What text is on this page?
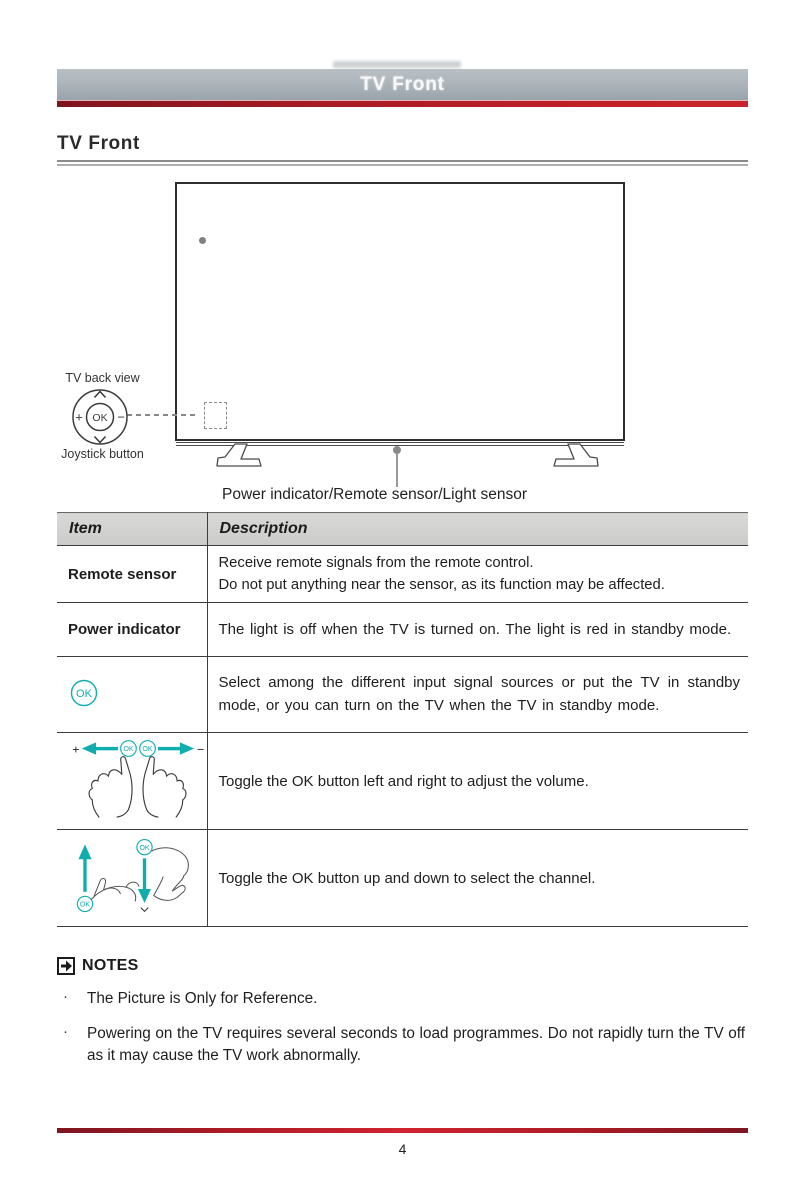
TV Front
TV Front
+	−
OK
TV back view
Joystick button
Power indicator/Remote sensor/Light sensor
Item	Description
Remote sensor	Receive remote signals from the remote control.
Do not put anything near the sensor, as its function may be affected.

Power indicator	The light is off when the TV is turned on. The light is red in standby mode.

OK	Select among the different input signal sources or put the TV in standby mode, or you can turn on the TV when the TV in standby mode.

+ OK OK −	Toggle the OK button left and right to adjust the volume.

OK
OK	Toggle the OK button up and down to select the channel.
NOTES
·	The Picture is Only for Reference.
·	Powering on the TV requires several seconds to load programmes. Do not rapidly turn the TV off as it may cause the TV work abnormally.
4
